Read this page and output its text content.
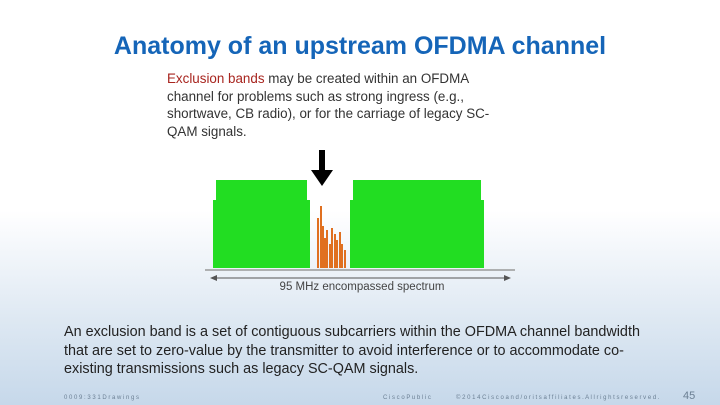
Anatomy of an upstream OFDMA channel
Exclusion bands may be created within an OFDMA channel for problems such as strong ingress (e.g., shortwave, CB radio), or for the carriage of legacy SC-QAM signals.
95 MHz encompassed spectrum
An exclusion band is a set of contiguous subcarriers within the OFDMA channel bandwidth that are set to zero-value by the transmitter to avoid interference or to accommodate co-existing transmissions such as legacy SC-QAM signals.
0 0 0 9 : 3 3 1 D r a w i n g s	C i s c o P u b l i c	© 2 0 1 4 C i s c o a n d / o r i t s a f f i l i a t e s . A l l r i g h t s r e s e r v e d . 45
